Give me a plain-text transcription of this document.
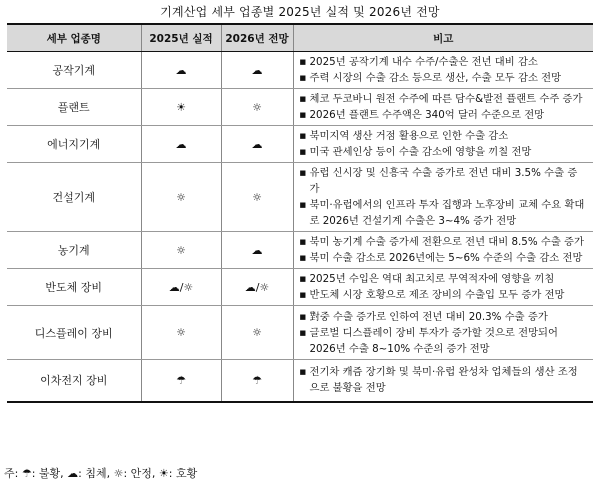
기계산업 세부 업종별 2025년 실적 및 2026년 전망
세부 업종명	2025년 실적	2026년 전망	비고
공작기계	☁	☁	■ 2025년 공작기계 내수 수주/수출은 전년 대비 감소
■ 주력 시장의 수출 감소 등으로 생산, 수출 모두 감소 전망

플랜트	☀	☼	■ 체코 두코바니 원전 수주에 따른 담수&발전 플랜트 수주 증가
■ 2026년 플랜트 수주액은 340억 달러 수준으로 전망

에너지기계	☁	☁	■ 북미지역 생산 거점 활용으로 인한 수출 감소
■ 미국 관세인상 등이 수출 감소에 영향을 끼칠 전망

건설기계	☼	☼	■ 유럽 신시장 및 신흥국 수출 증가로 전년 대비 3.5% 수출 증가
■ 북미·유럽에서의 인프라 투자 집행과 노후장비 교체 수요 확대로 2026년 건설기계 수출은 3~4% 증가 전망

농기계	☼	☁	■ 북미 농기계 수출 증가세 전환으로 전년 대비 8.5% 수출 증가
■ 북미 수출 감소로 2026년에는 5~6% 수준의 수출 감소 전망

반도체 장비	☁/☼	☁/☼	■ 2025년 수입은 역대 최고치로 무역적자에 영향을 끼침
■ 반도체 시장 호황으로 제조 장비의 수출입 모두 증가 전망

디스플레이 장비	☼	☼	■ 對중 수출 증가로 인하여 전년 대비 20.3% 수출 증가
■ 글로벌 디스플레이 장비 투자가 증가할 것으로 전망되어 2026년 수출 8~10% 수준의 증가 전망

이차전지 장비	☂	☂	■ 전기차 캐즘 장기화 및 북미·유럽 완성차 업체들의 생산 조정으로 불황을 전망
주: ☂: 불황, ☁: 침체, ☼: 안정, ☀: 호황
